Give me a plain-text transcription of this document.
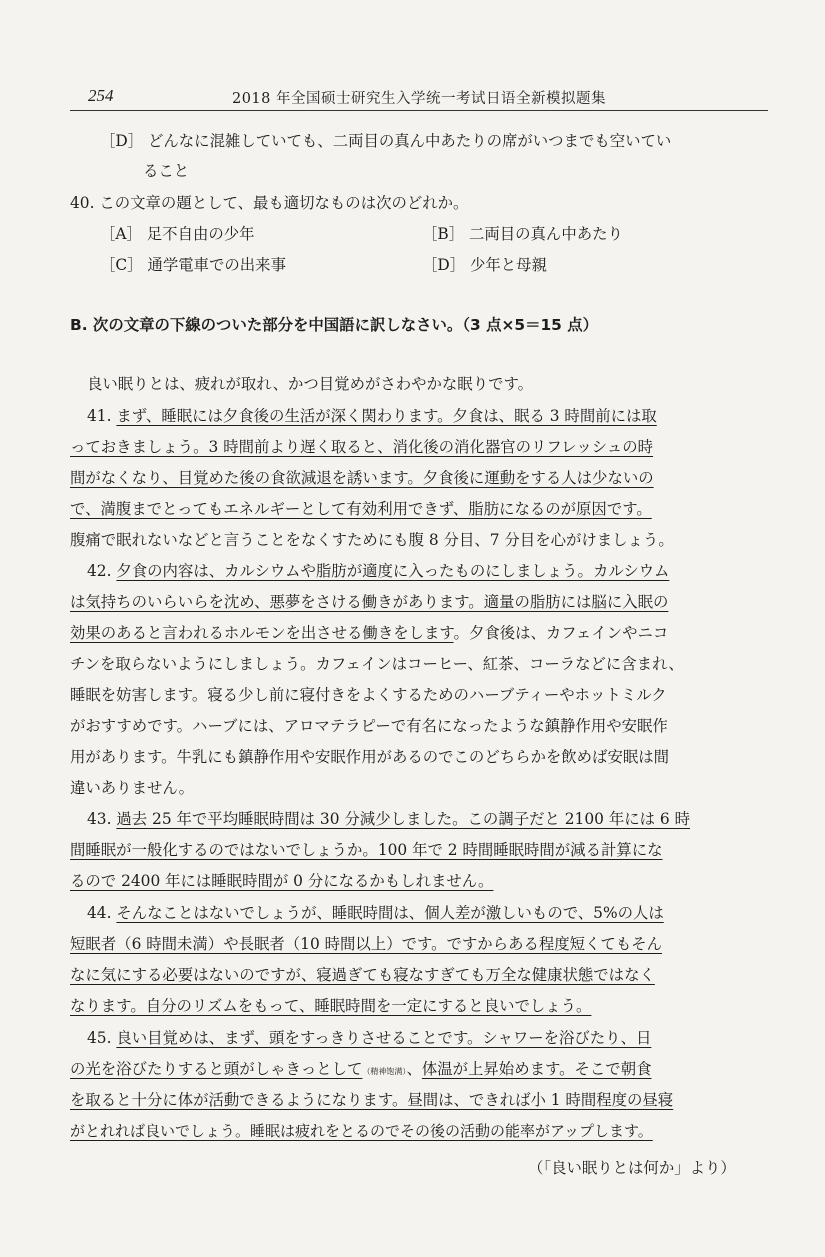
254	2018 年全国硕士研究生入学统一考试日语全新模拟题集
［D］ どんなに混雑していても、二両目の真ん中あたりの席がいつまでも空いてい
ること
40. この文章の題として、最も適切なものは次のどれか。
［A］ 足不自由の少年	［B］ 二両目の真ん中あたり
［C］ 通学電車での出来事	［D］ 少年と母親
B. 次の文章の下線のついた部分を中国語に訳しなさい。（3 点×5＝15 点）
良い眠りとは、疲れが取れ、かつ目覚めがさわやかな眠りです。
41. まず、睡眠には夕食後の生活が深く関わります。夕食は、眠る 3 時間前には取
っておきましょう。3 時間前より遅く取ると、消化後の消化器官のリフレッシュの時
間がなくなり、目覚めた後の食欲減退を誘います。夕食後に運動をする人は少ないの
で、満腹までとってもエネルギーとして有効利用できず、脂肪になるのが原因です。
腹痛で眠れないなどと言うことをなくすためにも腹 8 分目、7 分目を心がけましょう。
42. 夕食の内容は、カルシウムや脂肪が適度に入ったものにしましょう。カルシウム
は気持ちのいらいらを沈め、悪夢をさける働きがあります。適量の脂肪には脳に入眠の
効果のあると言われるホルモンを出させる働きをします。夕食後は、カフェインやニコ
チンを取らないようにしましょう。カフェインはコーヒー、紅茶、コーラなどに含まれ、
睡眠を妨害します。寝る少し前に寝付きをよくするためのハーブティーやホットミルク
がおすすめです。ハーブには、アロマテラピーで有名になったような鎮静作用や安眠作
用があります。牛乳にも鎮静作用や安眠作用があるのでこのどちらかを飲めば安眠は間
違いありません。
43. 過去 25 年で平均睡眠時間は 30 分減少しました。この調子だと 2100 年には 6 時
間睡眠が一般化するのではないでしょうか。100 年で 2 時間睡眠時間が減る計算にな
るので 2400 年には睡眠時間が 0 分になるかもしれません。
44. そんなことはないでしょうが、睡眠時間は、個人差が激しいもので、5%の人は
短眠者（6 時間未満）や長眠者（10 時間以上）です。ですからある程度短くてもそん
なに気にする必要はないのですが、寝過ぎても寝なすぎても万全な健康状態ではなく
なります。自分のリズムをもって、睡眠時間を一定にすると良いでしょう。
45. 良い目覚めは、まず、頭をすっきりさせることです。シャワーを浴びたり、日
の光を浴びたりすると頭がしゃきっとして（精神饱满）、体温が上昇始めます。そこで朝食
を取ると十分に体が活動できるようになります。昼間は、できれば小 1 時間程度の昼寝
がとれれば良いでしょう。睡眠は疲れをとるのでその後の活動の能率がアップします。
（「良い眠りとは何か」より）
